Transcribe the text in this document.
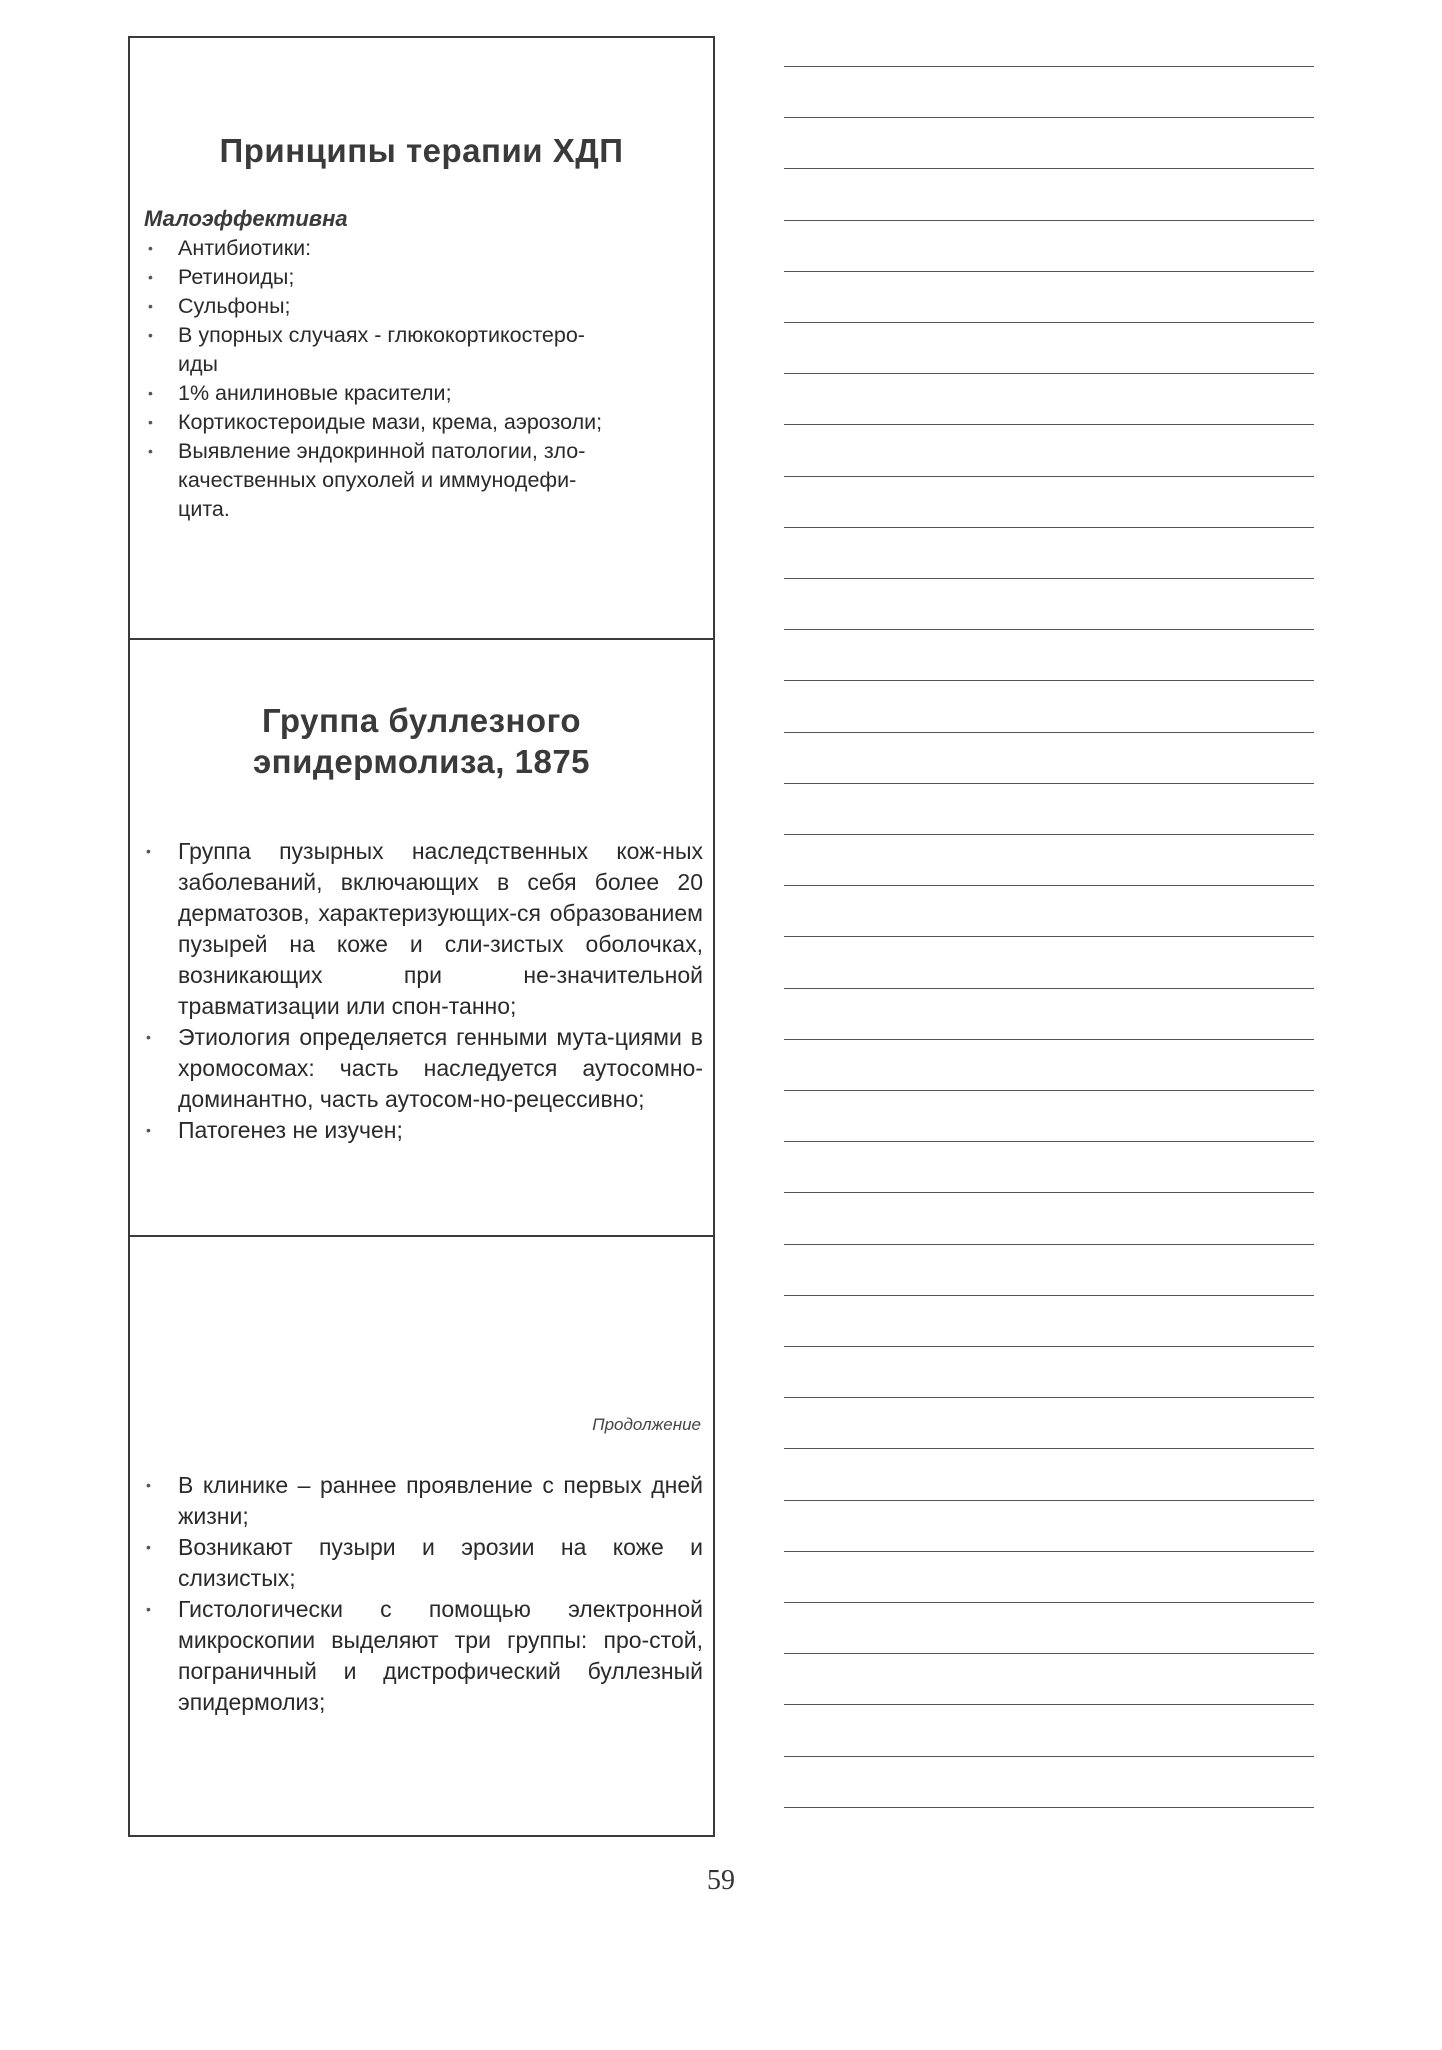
Принципы терапии ХДП
Малоэффективна
• Антибиотики:
• Ретиноиды;
• Сульфоны;
• В упорных случаях - глюкокортикостеро-
иды
• 1% анилиновые красители;
• Кортикостероидые мази, крема, аэрозоли;
• Выявление эндокринной патологии, зло-
качественных опухолей и иммунодефи-
цита.
Группа буллезного
эпидермолиза, 1875
• Группа пузырных наследственных кож-ных заболеваний, включающих в себя более 20 дерматозов, характеризующих-ся образованием пузырей на коже и сли-зистых оболочках, возникающих при не-значительной травматизации или спон-танно;
• Этиология определяется генными мута-циями в хромосомах: часть наследуется аутосомно-доминантно, часть аутосом-но-рецессивно;
• Патогенез не изучен;
Продолжение
• В клинике – раннее проявление с первых дней жизни;
• Возникают пузыри и эрозии на коже и слизистых;
• Гистологически с помощью электронной микроскопии выделяют три группы: про-стой, пограничный и дистрофический буллезный эпидермолиз;
59
